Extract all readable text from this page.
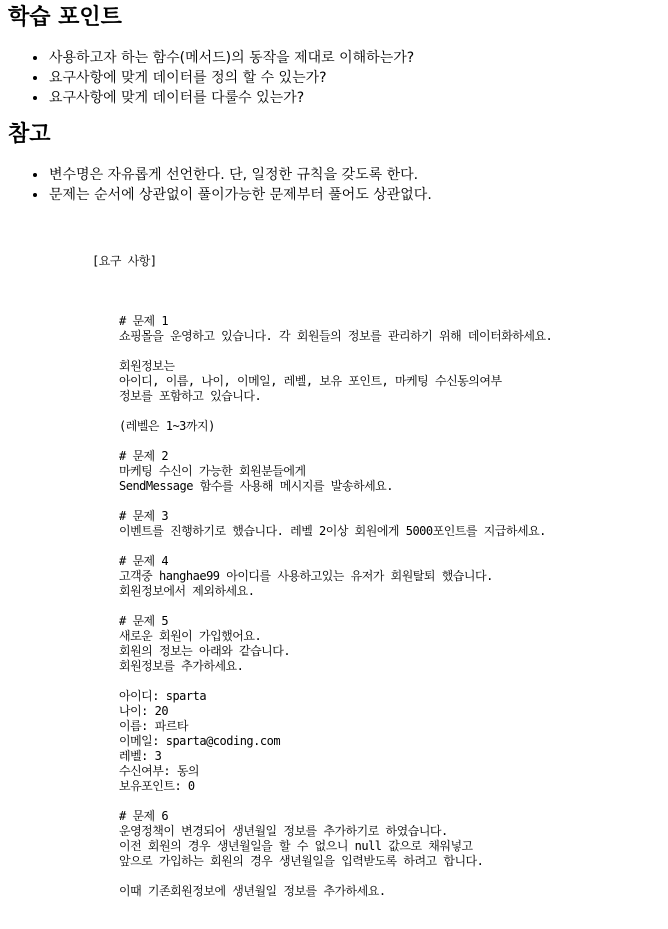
학습 포인트
• 사용하고자 하는 함수(메서드)의 동작을 제대로 이해하는가?
• 요구사항에 맞게 데이터를 정의 할 수 있는가?
• 요구사항에 맞게 데이터를 다룰수 있는가?
참고
• 변수명은 자유롭게 선언한다. 단, 일정한 규칙을 갖도록 한다.
• 문제는 순서에 상관없이 풀이가능한 문제부터 풀어도 상관없다.

[요구 사항]

# 문제 1
쇼핑몰을 운영하고 있습니다. 각 회원들의 정보를 관리하기 위해 데이터화하세요.
회원정보는
아이디, 이름, 나이, 이메일, 레벨, 보유 포인트, 마케팅 수신동의여부
정보를 포함하고 있습니다.
(레벨은 1~3까지)
# 문제 2
마케팅 수신이 가능한 회원분들에게
SendMessage 함수를 사용해 메시지를 발송하세요.
# 문제 3
이벤트를 진행하기로 했습니다. 레벨 2이상 회원에게 5000포인트를 지급하세요.
# 문제 4
고객중 hanghae99 아이디를 사용하고있는 유저가 회원탈퇴 했습니다.
회원정보에서 제외하세요.
# 문제 5
새로운 회원이 가입했어요.
회원의 정보는 아래와 같습니다.
회원정보를 추가하세요.
아이디: sparta
나이: 20
이름: 파르타
이메일: sparta@coding.com
레벨: 3
수신여부: 동의
보유포인트: 0
# 문제 6
운영정책이 변경되어 생년월일 정보를 추가하기로 하였습니다.
이전 회원의 경우 생년월일을 할 수 없으니 null 값으로 채워넣고
앞으로 가입하는 회원의 경우 생년월일을 입력받도록 하려고 합니다.
이때 기존회원정보에 생년월일 정보를 추가하세요.
